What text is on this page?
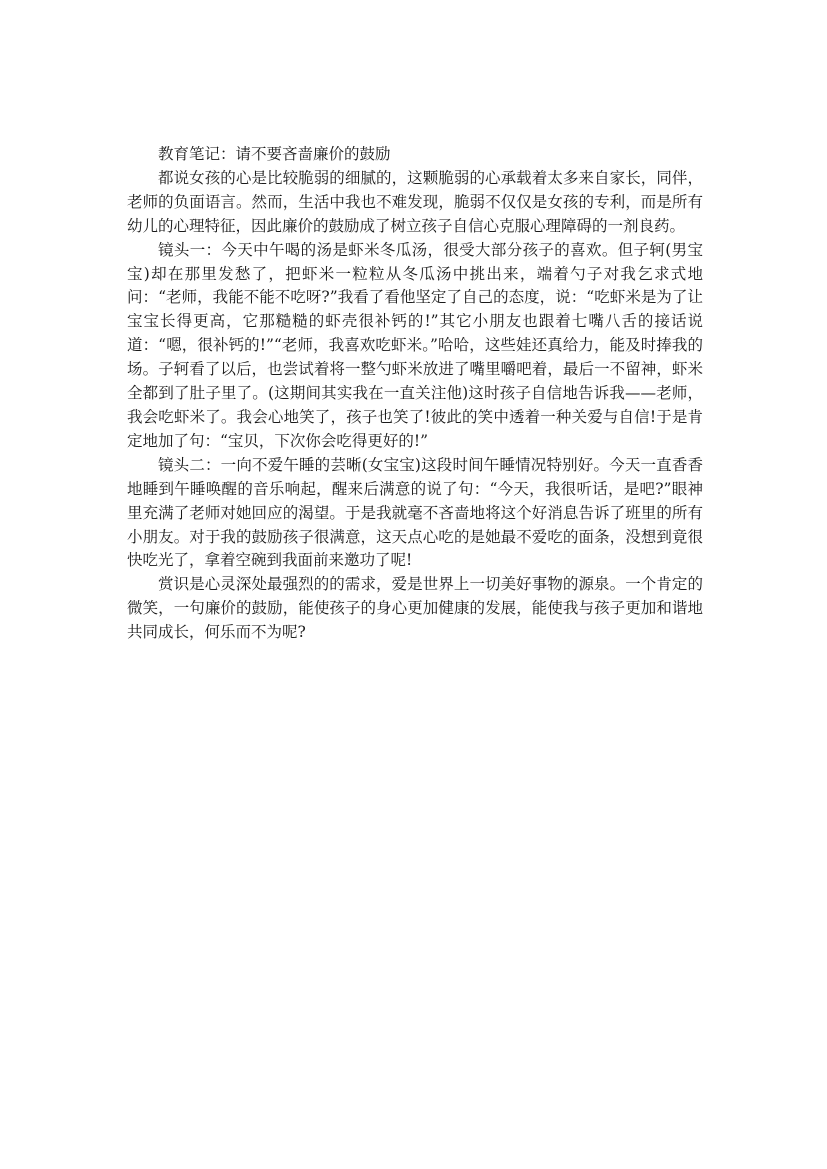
教育笔记：请不要吝啬廉价的鼓励

都说女孩的心是比较脆弱的细腻的，这颗脆弱的心承载着太多来自家长，同伴，老师的负面语言。然而，生活中我也不难发现，脆弱不仅仅是女孩的专利，而是所有幼儿的心理特征，因此廉价的鼓励成了树立孩子自信心克服心理障碍的一剂良药。

镜头一：今天中午喝的汤是虾米冬瓜汤，很受大部分孩子的喜欢。但子轲(男宝宝)却在那里发愁了，把虾米一粒粒从冬瓜汤中挑出来，端着勺子对我乞求式地问：“老师，我能不能不吃呀?”我看了看他坚定了自己的态度，说：“吃虾米是为了让宝宝长得更高，它那糙糙的虾壳很补钙的!”其它小朋友也跟着七嘴八舌的接话说道：“嗯，很补钙的!”“老师，我喜欢吃虾米。”哈哈，这些娃还真给力，能及时捧我的场。子轲看了以后，也尝试着将一整勺虾米放进了嘴里嚼吧着，最后一不留神，虾米全都到了肚子里了。(这期间其实我在一直关注他)这时孩子自信地告诉我——老师，我会吃虾米了。我会心地笑了，孩子也笑了!彼此的笑中透着一种关爱与自信!于是肯定地加了句：“宝贝，下次你会吃得更好的!”

镜头二：一向不爱午睡的芸晰(女宝宝)这段时间午睡情况特别好。今天一直香香地睡到午睡唤醒的音乐响起，醒来后满意的说了句：“今天，我很听话，是吧?”眼神里充满了老师对她回应的渴望。于是我就毫不吝啬地将这个好消息告诉了班里的所有小朋友。对于我的鼓励孩子很满意，这天点心吃的是她最不爱吃的面条，没想到竟很快吃光了，拿着空碗到我面前来邀功了呢!

赏识是心灵深处最强烈的的需求，爱是世界上一切美好事物的源泉。一个肯定的微笑，一句廉价的鼓励，能使孩子的身心更加健康的发展，能使我与孩子更加和谐地共同成长，何乐而不为呢?
